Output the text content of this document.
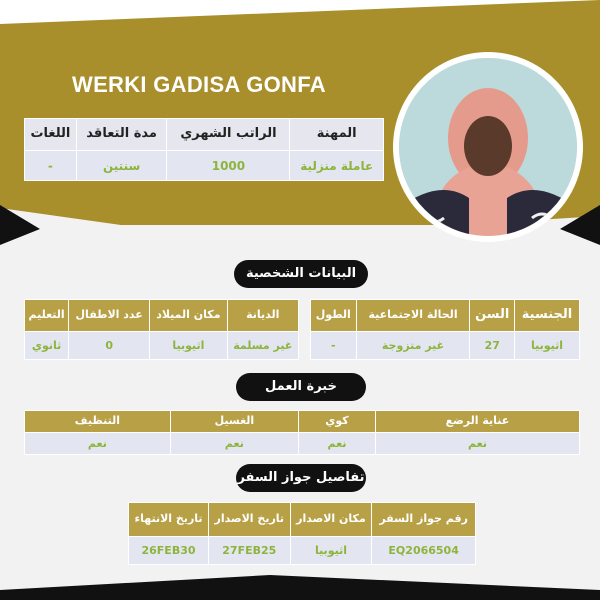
WERKI GADISA GONFA
المهنة	الراتب الشهري	مدة التعاقد	اللغات
عاملة منزلية	1000	سنتين	-
البيانات الشخصية
الجنسية	السن	الحالة الاجتماعية	الطول
اثيوبيا	27	غير متزوجة	-
الديانة	مكان الميلاد	عدد الاطفال	التعليم
غير مسلمة	اثيوبيا	0	ثانوي
خبرة العمل
عناية الرضع	كوي	الغسيل	التنظيف
نعم	نعم	نعم	نعم
تفاصيل جواز السفر
رقم جواز السفر	مكان الاصدار	تاريخ الاصدار	تاريخ الانتهاء
EQ2066504	اثيوبيا	27FEB25	26FEB30
